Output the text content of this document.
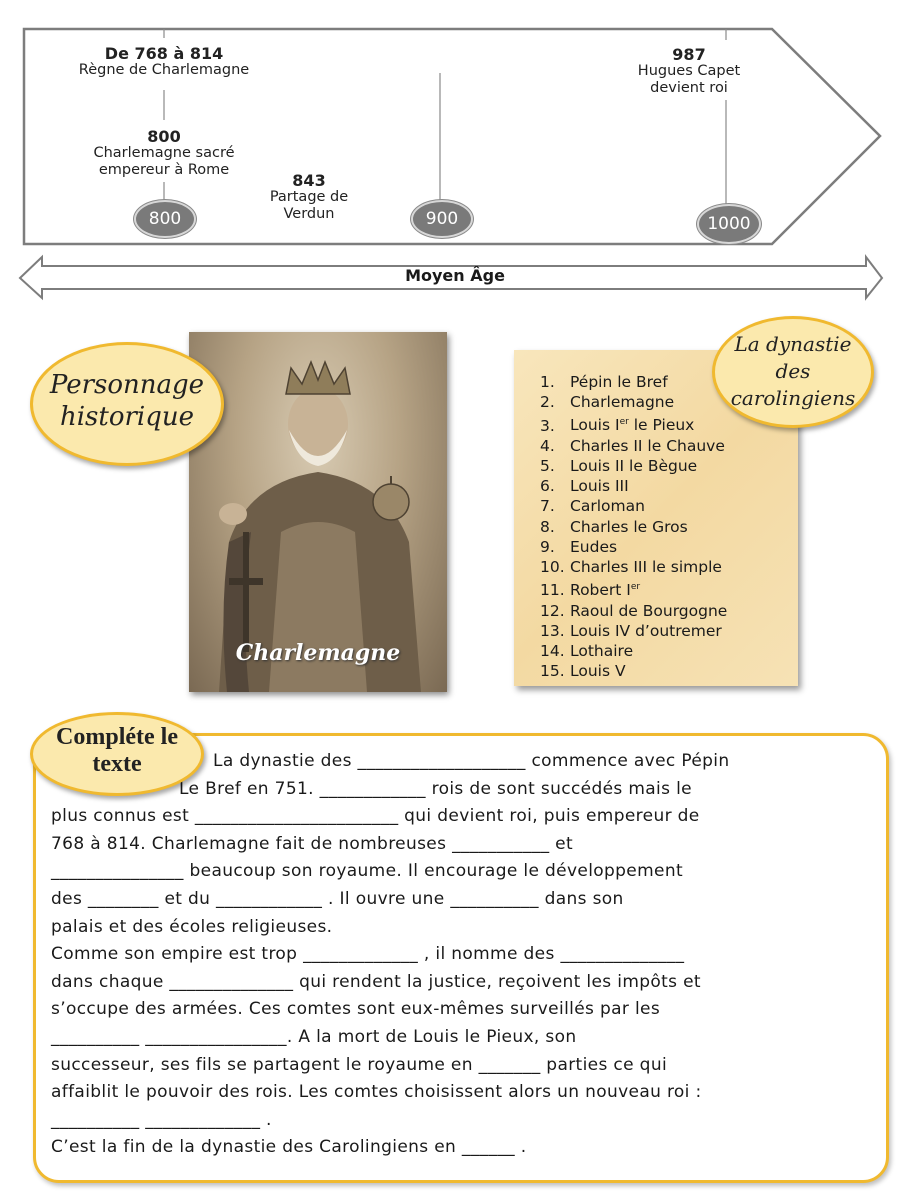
De 768 à 814
Règne de Charlemagne
800
Charlemagne sacré empereur à Rome
843
Partage de Verdun
987
Hugues Capet devient roi
800	900	1000
Moyen Âge
Charlemagne
Personnage historique
1. Pépin le Bref
2. Charlemagne
3. Louis Ier le Pieux
4. Charles II le Chauve
5. Louis II le Bègue
6. Louis III
7. Carloman
8. Charles le Gros
9. Eudes
10. Charles III le simple
11. Robert Ier
12. Raoul de Bourgogne
13. Louis IV d’outremer
14. Lothaire
15. Louis V
La dynastie des carolingiens
La dynastie des ___________________ commence avec Pépin
Le Bref en 751. ____________ rois de sont succédés mais le
plus connus est _______________________ qui devient roi, puis empereur de
768 à 814. Charlemagne fait de nombreuses ___________ et
_______________ beaucoup son royaume. Il encourage le développement
des ________ et du ____________ . Il ouvre une __________ dans son
palais et des écoles religieuses.
Comme son empire est trop _____________ , il nomme des ______________
dans chaque ______________ qui rendent la justice, reçoivent les impôts et
s’occupe des armées. Ces comtes sont eux-mêmes surveillés par les
__________ ________________. A la mort de Louis le Pieux, son
successeur, ses fils se partagent le royaume en _______ parties ce qui
affaiblit le pouvoir des rois. Les comtes choisissent alors un nouveau roi :
__________ _____________ .
C’est la fin de la dynastie des Carolingiens en ______ .
Compléte le texte
